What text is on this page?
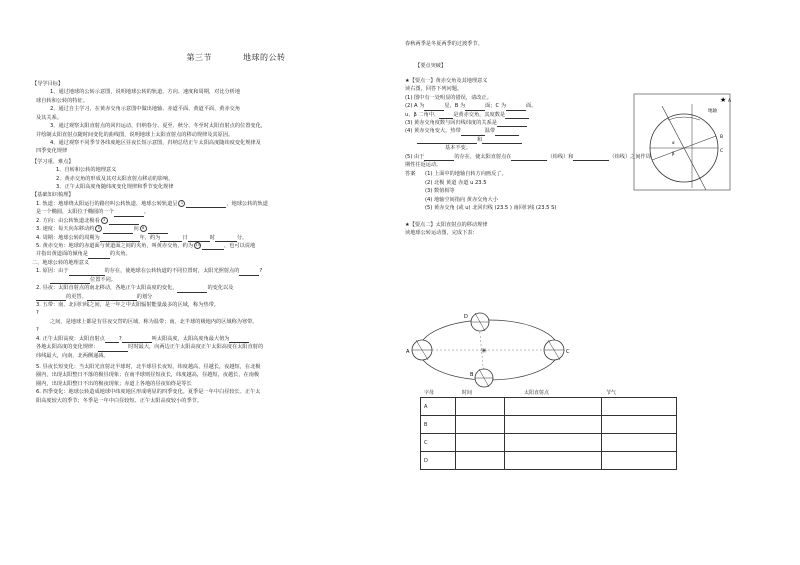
第三节	地球的公转
【导学目标】
1、通过地球的公转示意图，说明地球公转的轨道、方向、速度和周期，对比分析地
球自转和公转的特征。
2、通过自主学习，在黄赤交角示意图中做出地轴、赤道平面、黄道平面、黄赤交角
及其关系。
3、通过观察太阳直射点的回归运动，归纳春分、夏至、秋分、冬至时太阳直射点的位置变化，
并绘制太阳直射点随时间变化的曲线图，说明地球上太阳直射点的移动规律及其原因。
4、通过观察不同季节各纬度地区昼夜长短示意图，归纳总结正午太阳高度随纬度变化规律及
四季变化规律
【学习重、难点】
1、自转和公转的地理意义
2、黄赤交角的形成及其对太阳直射点移动的影响。
3、正午太阳高度角随纬度变化规律和季节变化规律
【基础知识梳理】
1. 轨道：地球绕太阳运行的路径叫公转轨道，地球公转轨道呈 1	，地球公转的轨道
是一个椭圆，太阳位于椭圆的一个	。
2. 方向：由公转轨道北极看 3
3. 速度：每天向东移动约 5	向 6
4. 周期：地球公转的周期为	年，约为	日	时	分。
5. 黄赤交角：地球的赤道面与黄道面之间的夹角，叫黄赤交角，约为 13	，也可以说地
并指出黄道面的倾角是	的夹角。
二、地球公转的地理意义
1. 原因：由于	的存在，使地球在公转轨道的不同位置时，太阳光照射点的	?
位置不同。
2. 昼夜：太阳直射点的南北移动，各地正午太阳高度的变化，	的变化以及
的更替。	的划分
3. 五带：南、北回归线之间，是一年之中太阳辐射能量最多的区域，称为热带。
?
之间，是地球上都是有昼夜交替的区域，称为温带；南、北半球的极地内的区域称为寒带。
?
4. 正午太阳高度：太阳直射点	?	叫太阳高度，太阳高度角最大值为
各地太阳高度的变化规律：	时时最大，向两边正午太阳高度正午太阳高度在太阳直射的
纬线最大，向南、北两侧递减。
5. 昼夜长短变化：当太阳光直射北半球时，北半球昼长夜短，纬度越高，昼越长，夜越短，在北极
圈内，出现太阳整日不落的极昼现象；在南半球则昼短夜长，纬度越高，昼越短，夜越长，在南极
圈内，出现太阳整日不出的极夜现象；赤道上各地的昼夜始终是等长
6. 四季变化：地球公转造成地球中纬度地区形成明显的四季变化。夏季是一年中白昼较长、正午太
阳高度较大的季节；冬季是一年中白昼较短、正午太阳高度较小的季节。
春秋两季是冬夏两季的过渡季节。
【要点突破】
★【要点一】黄赤交角及其地理意义
读右图，回答下列问题。
(1) 图中有一处明显的错误，请改正。
(2) A 为	星，B 为	面；C 为	面。
u、β 二角中，	是黄赤交角，其度数是
(3) 黄赤交角度数与回归线纬度的关系是
(4) 黄赤交角变大，热带	温带
和
基本不变。
(5) 由于	的存在，使太阳直射点在	（纬线）和	（纬线）之间作周
期性往返运动。
答案 (1) 上面中的地轴自转方向画反了。
(2) 北极 黄道 赤道 u 23.5
(3) 数值相等
(4) 地轴空间指向 黄赤交角大小
(5) 黄赤交角 (或 u) 北回归线 (23.5 ) 南回归线 (23.5 S)
★【要点二】太阳直射点的移动规律
读地球公转运动图，完成下表：
★ A
地轴
B
C
α
β
✳
A	C
D
B
字母	时间	太阳直射点	节气
A			
B			
C			
D			
